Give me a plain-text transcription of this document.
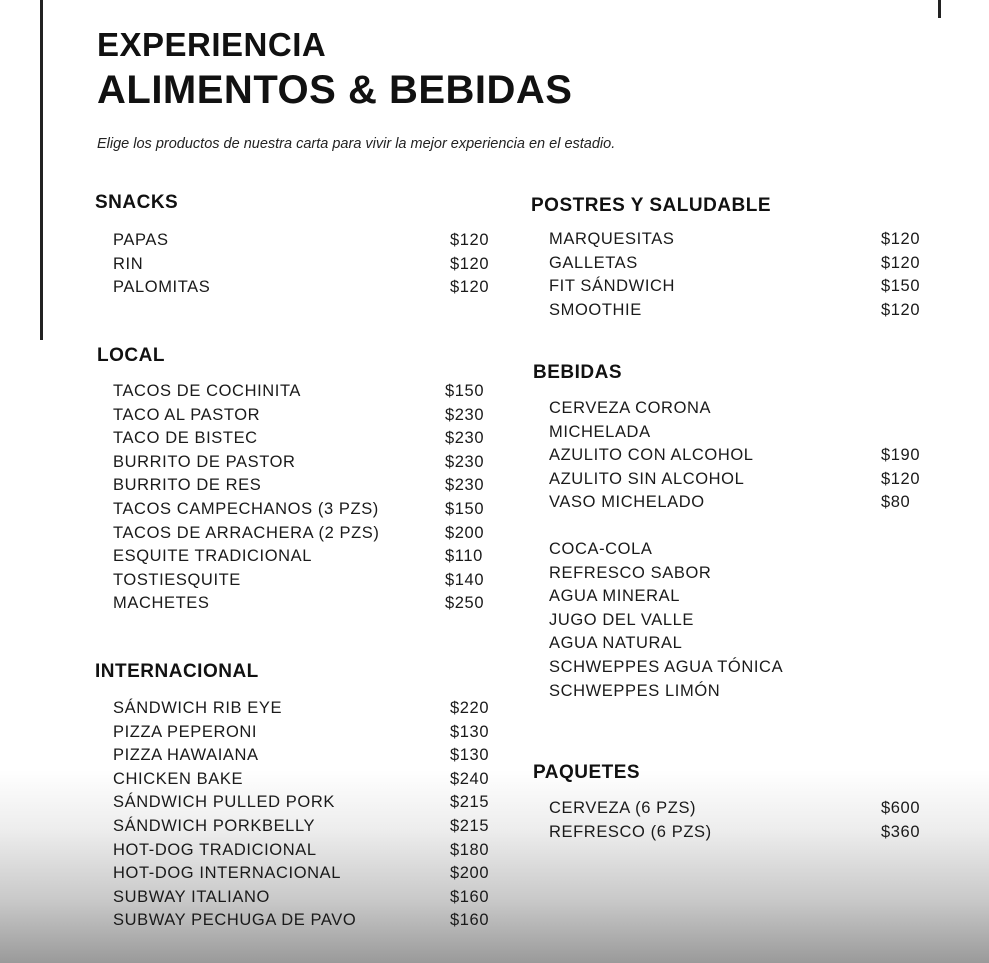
EXPERIENCIA
ALIMENTOS & BEBIDAS
Elige los productos de nuestra carta para vivir la mejor experiencia en el estadio.
SNACKS
PAPAS	$120
RIN	$120
PALOMITAS	$120
LOCAL
TACOS DE COCHINITA	$150
TACO AL PASTOR	$230
TACO DE BISTEC	$230
BURRITO DE PASTOR	$230
BURRITO DE RES	$230
TACOS CAMPECHANOS (3 PZS)	$150
TACOS DE ARRACHERA (2 PZS)	$200
ESQUITE TRADICIONAL	$110
TOSTIESQUITE	$140
MACHETES	$250
INTERNACIONAL
SÁNDWICH RIB EYE	$220
PIZZA PEPERONI	$130
PIZZA HAWAIANA	$130
CHICKEN BAKE	$240
SÁNDWICH PULLED PORK	$215
SÁNDWICH PORKBELLY	$215
HOT-DOG TRADICIONAL	$180
HOT-DOG INTERNACIONAL	$200
SUBWAY ITALIANO	$160
SUBWAY PECHUGA DE PAVO	$160
POSTRES Y SALUDABLE
MARQUESITAS	$120
GALLETAS	$120
FIT SÁNDWICH	$150
SMOOTHIE	$120
BEBIDAS
CERVEZA CORONA
MICHELADA
AZULITO CON ALCOHOL	$190
AZULITO SIN ALCOHOL	$120
VASO MICHELADO	$80
COCA-COLA
REFRESCO SABOR
AGUA MINERAL
JUGO DEL VALLE
AGUA NATURAL
SCHWEPPES AGUA TÓNICA
SCHWEPPES LIMÓN
PAQUETES
CERVEZA (6 PZS)	$600
REFRESCO (6 PZS)	$360
